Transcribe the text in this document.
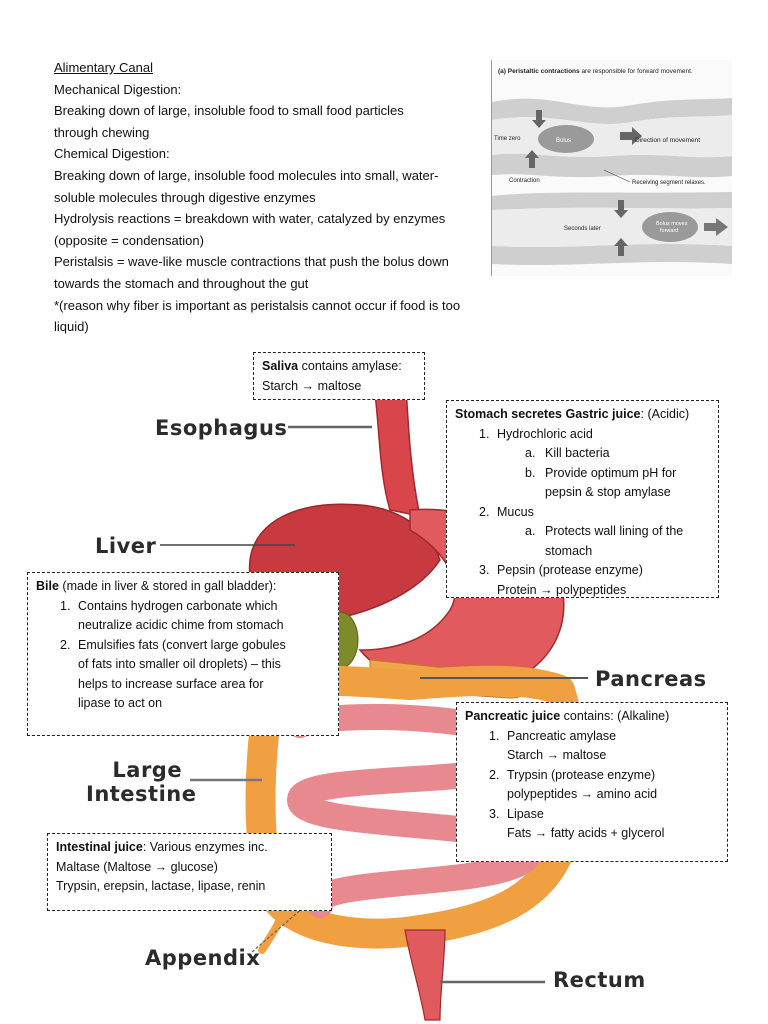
Alimentary Canal
Mechanical Digestion:
Breaking down of large, insoluble food to small food particles
through chewing
Chemical Digestion:
Breaking down of large, insoluble food molecules into small, water-
soluble molecules through digestive enzymes
Hydrolysis reactions = breakdown with water, catalyzed by enzymes
(opposite = condensation)
Peristalsis = wave-like muscle contractions that push the bolus down
towards the stomach and throughout the gut
*(reason why fiber is important as peristalsis cannot occur if food is too liquid)
(a) Peristaltic contractions are responsible for forward movement.
Bolus
Time zero	Direction of movement
Contraction	Receiving segment relaxes.
Bolus moves
forward
Seconds later
Esophagus
Liver
Pancreas
Large
Intestine
Appendix
Rectum
Saliva contains amylase:
Starch → maltose
Stomach secretes Gastric juice: (Acidic)
1. Hydrochloric acid
a. Kill bacteria
b. Provide optimum pH for
pepsin & stop amylase
2. Mucus
a. Protects wall lining of the
stomach
3. Pepsin (protease enzyme)
Protein → polypeptides
Bile (made in liver & stored in gall bladder):
1. Contains hydrogen carbonate which
neutralize acidic chime from stomach
2. Emulsifies fats (convert large gobules
of fats into smaller oil droplets) – this
helps to increase surface area for
lipase to act on
Pancreatic juice contains: (Alkaline)
1. Pancreatic amylase
Starch → maltose
2. Trypsin (protease enzyme)
polypeptides → amino acid
3. Lipase
Fats → fatty acids + glycerol
Intestinal juice: Various enzymes inc.
Maltase (Maltose → glucose)
Trypsin, erepsin, lactase, lipase, renin
